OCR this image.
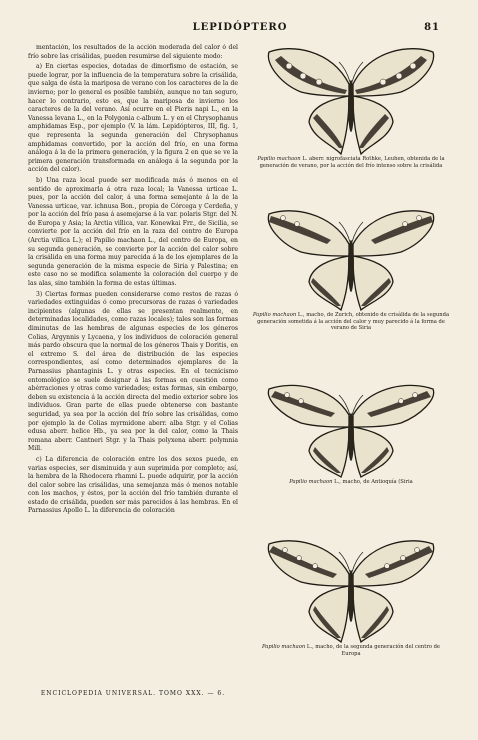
LEPIDÓPTERO	81

mentación, los resultados de la acción moderada del calor ó del frío sobre las crisálidas, pueden resumirse del siguiente modo:

a) En ciertas especies, dotadas de dimorfismo de estación, se puede lograr, por la influencia de la temperatura sobre la crisálida, que salga de ésta la mariposa de verano con los caracteres de la de invierno; por lo general es posible también, aunque no tan seguro, hacer lo contrario, esto es, que la mariposa de invierno los caracteres de la del verano. Así ocurre en el Pieris napi L., en la Vanessa levana L., en la Polygonia c-album L. y en el Chrysophanus amphidamas Esp., por ejemplo (V. la lám. Lepidópteros, III, fig. 1, que representa la segunda generación del Chrysophanus amphidamas convertido, por la acción del frío, en una forma análoga á la de la primera generación, y la figura 2 en que se ve la primera generación transformada en análoga á la segunda por la acción del calor).

b) Una raza local puede ser modificada más ó menos en el sentido de aproximarla á otra raza local; la Vanessa urticae L. pues, por la acción del calor, á una forma semejante á la de la Vanessa urticae, var. ichnusa Bon., propia de Córcega y Cerdeña, y por la acción del frío pasa á asemejarse á la var. polaris Stgr. del N. de Europa y Asia; la Arctia villica, var. Konewkai Frr., de Sicilia, se convierte por la acción del frío en la raza del centro de Europa (Arctia villica L.); el Papilio machaon L., del centro de Europa, en su segunda generación, se convierte por la acción del calor sobre la crisálida en una forma muy parecida á la de los ejemplares de la segunda generación de la misma especie de Siria y Palestina; en este caso no se modifica solamente la coloración del cuerpo y de las alas, sino también la forma de estas últimas.

3) Ciertas formas pueden considerarse como restos de razas ó variedades extinguidas ó como precursoras de razas ó variedades incipientes (algunas de ellas se presentan realmente, en determinadas localidades, como razas locales); tales son las formas diminutas de las hembras de algunas especies de los géneros Colias, Argynnis y Lycaena, y los individuos de coloración general más pardo obscura que la normal de los géneros Thais y Doritis, en el extremo S. del área de distribución de las especies correspondientes, así como determinados ejemplares de la Parnassius phantaginis L. y otras especies. En el tecnicismo entomológico se suele designar á las formas en cuestión como abérraciones y otras como variedades; estas formas, sin embargo, deben su existencia á la acción directa del medio exterior sobre los individuos. Gran parte de ellas puede obtenerse con bastante seguridad, ya sea por la acción del frío sobre las crisálidas, como por ejemplo la de Colias myrmidone aberr. alba Stgr. y el Colias edusa aberr. helice Hb., ya sea por la del calor, como la Thais romana aberr. Cantneri Stgr. y la Thais polyxena aberr. polymnia Mill.

c) La diferencia de coloración entre los dos sexos puede, en varias especies, ser disminuida y aun suprimida por completo; así, la hembra de la Rhodocera rhamni L. puede adquirir, por la acción del calor sobre las crisálidas, una semejanza más ó menos notable con los machos, y éstos, por la acción del frío también durante el estado de crisálida, pueden ser más parecidos á las hembras. En el Parnassius Apollo L. la diferencia de coloración

Papilio machaon L. aberr. nigrofasciata Rothke, Leuhen, obtenida de la generación de verano, por la acción del frío intenso sobre la crisálida
Papilio machaon L., macho, de Zurich, obtenido de crisálida de la segunda generación sometida á la acción del calor y muy parecido á la forma de verano de Siria
Papilio machaon L., macho, de Antioquía (Siria
Papilio machaon L., macho, de la segunda generación del centro de Europa
ENCICLOPEDIA UNIVERSAL. TOMO XXX. — 6.
